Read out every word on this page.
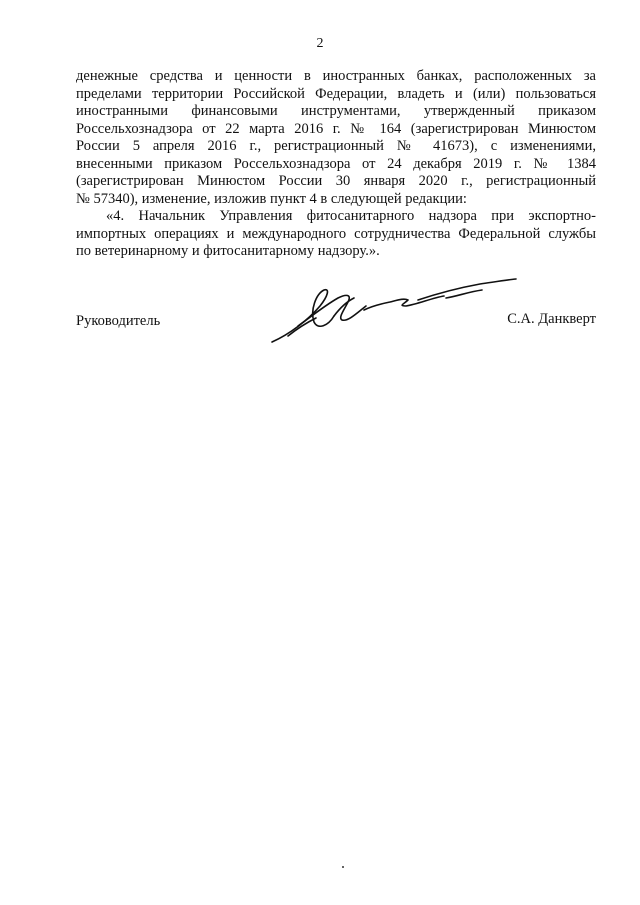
2
денежные средства и ценности в иностранных банках, расположенных за
пределами территории Российской Федерации, владеть и (или) пользоваться
иностранными финансовыми инструментами, утвержденный приказом
Россельхознадзора от 22 марта 2016 г. № 164 (зарегистрирован Минюстом
России 5 апреля 2016 г., регистрационный № 41673), с изменениями,
внесенными приказом Россельхознадзора от 24 декабря 2019 г. № 1384
(зарегистрирован Минюстом России 30 января 2020 г., регистрационный
№ 57340), изменение, изложив пункт 4 в следующей редакции:
«4. Начальник Управления фитосанитарного надзора при экспортно-
импортных операциях и международного сотрудничества Федеральной службы
по ветеринарному и фитосанитарному надзору.».
Руководитель	С.А. Данкверт
